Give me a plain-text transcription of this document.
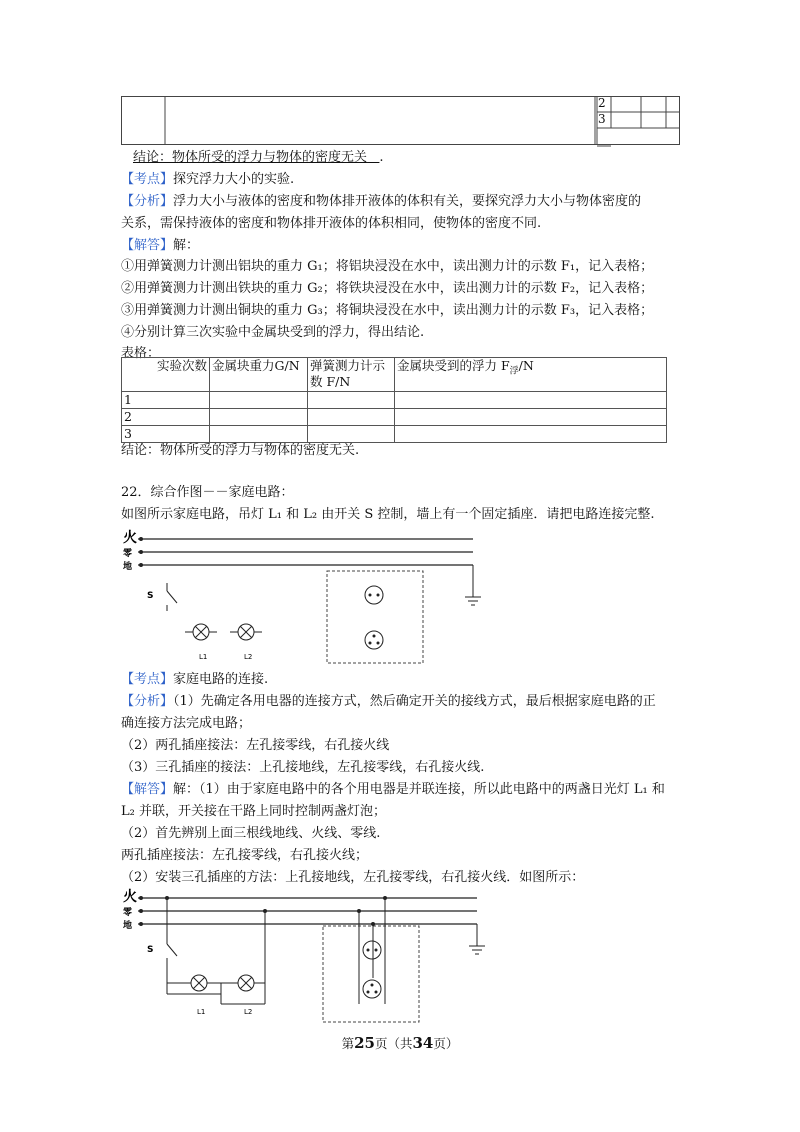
2
3
结论：物体所受的浮力与物体的密度无关 .
【考点】探究浮力大小的实验.
【分析】浮力大小与液体的密度和物体排开液体的体积有关，要探究浮力大小与物体密度的
关系，需保持液体的密度和物体排开液体的体积相同，使物体的密度不同.
【解答】解：
①用弹簧测力计测出铝块的重力 G₁；将铝块浸没在水中，读出测力计的示数 F₁，记入表格；
②用弹簧测力计测出铁块的重力 G₂；将铁块浸没在水中，读出测力计的示数 F₂，记入表格；
③用弹簧测力计测出铜块的重力 G₃；将铜块浸没在水中，读出测力计的示数 F₃，记入表格；
④分别计算三次实验中金属块受到的浮力，得出结论.
表格：
实验次数	金属块重力G/N	弹簧测力计示数 F/N	金属块受到的浮力 $F_浮/N$
1			
2			
3			
结论：物体所受的浮力与物体的密度无关.
22．综合作图－－家庭电路：
如图所示家庭电路，吊灯 L₁ 和 L₂ 由开关 S 控制，墙上有一个固定插座．请把电路连接完整.
火
零
地
S
L1	L2
【考点】家庭电路的连接.
【分析】（1）先确定各用电器的连接方式，然后确定开关的接线方式，最后根据家庭电路的正
确连接方法完成电路；
（2）两孔插座接法：左孔接零线，右孔接火线
（3）三孔插座的接法：上孔接地线，左孔接零线，右孔接火线.
【解答】解：（1）由于家庭电路中的各个用电器是并联连接，所以此电路中的两盏日光灯 L₁ 和
L₂ 并联，开关接在干路上同时控制两盏灯泡；
（2）首先辨别上面三根线地线、火线、零线.
两孔插座接法：左孔接零线，右孔接火线；
（2）安装三孔插座的方法：上孔接地线，左孔接零线，右孔接火线．如图所示：
火
零
地
S
L1	L2
第25页（共34页）
